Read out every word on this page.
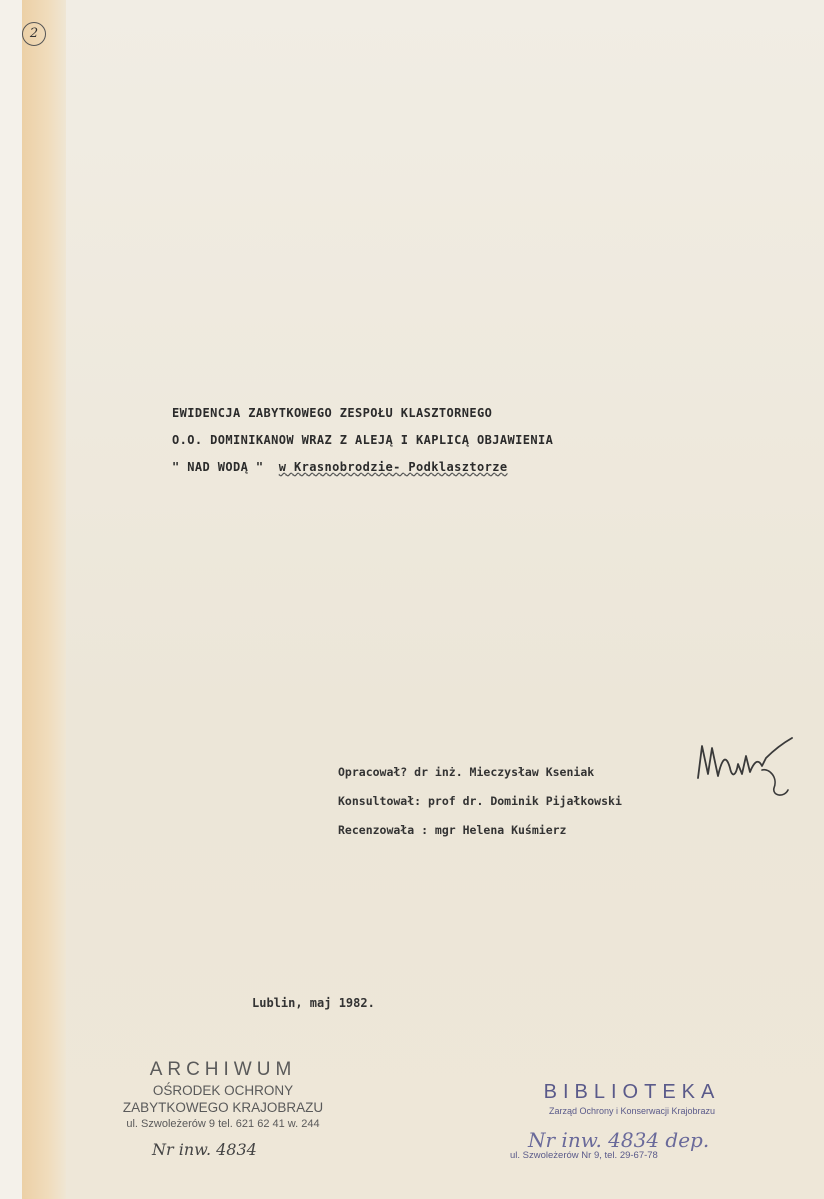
2
EWIDENCJA ZABYTKOWEGO ZESPOŁU KLASZTORNEGO
O.O. DOMINIKANOW WRAZ Z ALEJĄ I KAPLICĄ OBJAWIENIA
" NAD WODĄ " w Krasnobrodzie- Podklasztorze
Opracował? dr inż. Mieczysław Kseniak
Konsultował: prof dr. Dominik Pijałkowski
Recenzowała : mgr Helena Kuśmierz
Lublin, maj 1982.
ARCHIWUM
OŚRODEK OCHRONY
ZABYTKOWEGO KRAJOBRAZU
ul. Szwoleżerów 9 tel. 621 62 41 w. 244
Nr inw. 4834
BIBLIOTEKA
Zarząd Ochrony i Konserwacji Krajobrazu
Nr inw. 4834 dep.
ul. Szwoleżerów Nr 9, tel. 29-67-78
